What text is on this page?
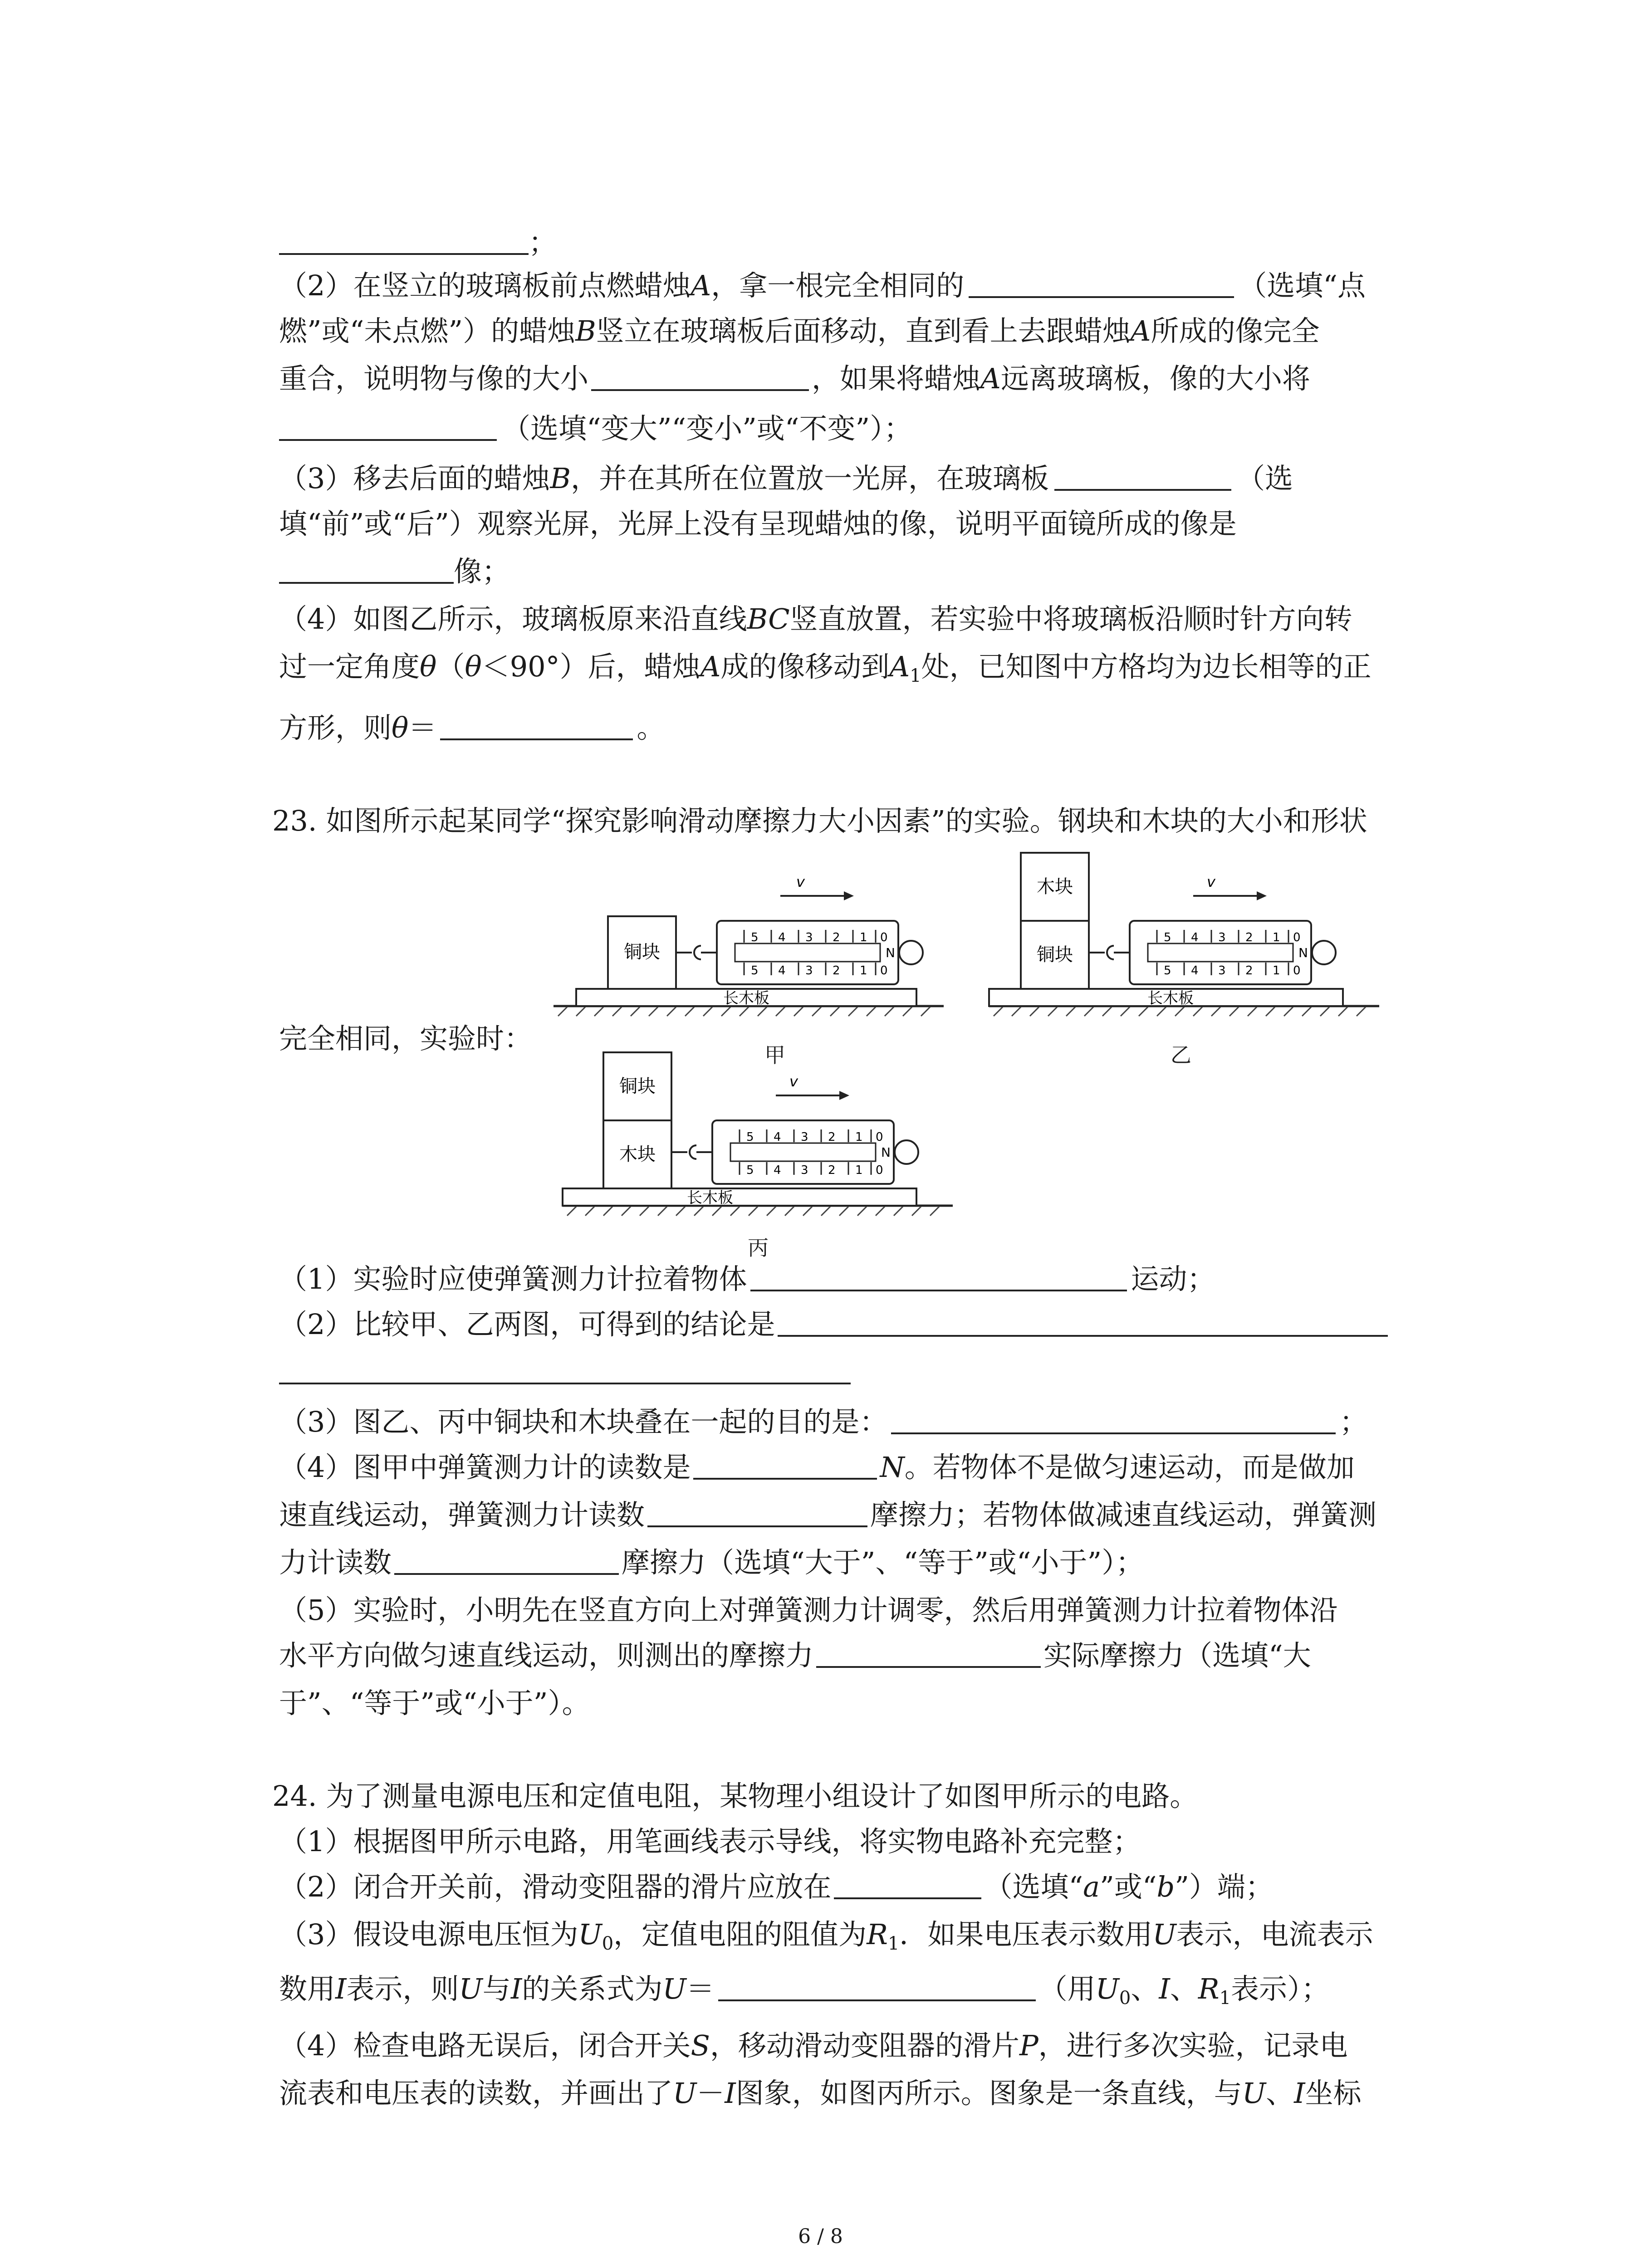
；
（2）在竖立的玻璃板前点燃蜡烛A，拿一根完全相同的	（选填“点
燃”或“未点燃”）的蜡烛B竖立在玻璃板后面移动，直到看上去跟蜡烛A所成的像完全
重合，说明物与像的大小	，如果将蜡烛A远离玻璃板，像的大小将
（选填“变大”“变小”或“不变”）；
（3）移去后面的蜡烛B，并在其所在位置放一光屏，在玻璃板	（选
填“前”或“后”）观察光屏，光屏上没有呈现蜡烛的像，说明平面镜所成的像是
像；
（4）如图乙所示，玻璃板原来沿直线BC竖直放置，若实验中将玻璃板沿顺时针方向转
过一定角度θ（θ＜90°）后，蜡烛A成的像移动到$A_1$处，已知图中方格均为边长相等的正
方形，则θ＝	。
23. 如图所示起某同学“探究影响滑动摩擦力大小因素”的实验。钢块和木块的大小和形状
完全相同，实验时：
长木板
铜块
5 4 3 2 1 0
5 4 3 2 1 0
N
v
甲
长木板
木块
铜块
5 4 3 2 1 0
5 4 3 2 1 0
N
v
乙
长木板
铜块
木块
5 4 3 2 1 0
5 4 3 2 1 0
N
v
丙
（1）实验时应使弹簧测力计拉着物体	运动；
（2）比较甲、乙两图，可得到的结论是
（3）图乙、丙中铜块和木块叠在一起的目的是：	；
（4）图甲中弹簧测力计的读数是	N。若物体不是做匀速运动，而是做加
速直线运动，弹簧测力计读数	摩擦力；若物体做减速直线运动，弹簧测
力计读数	摩擦力（选填“大于”、“等于”或“小于”）；
（5）实验时，小明先在竖直方向上对弹簧测力计调零，然后用弹簧测力计拉着物体沿
水平方向做匀速直线运动，则测出的摩擦力	实际摩擦力（选填“大
于”、“等于”或“小于”）。
24. 为了测量电源电压和定值电阻，某物理小组设计了如图甲所示的电路。
（1）根据图甲所示电路，用笔画线表示导线，将实物电路补充完整；
（2）闭合开关前，滑动变阻器的滑片应放在	（选填“a”或“b”）端；
（3）假设电源电压恒为$U_0$，定值电阻的阻值为$R_1$．如果电压表示数用U表示，电流表示
数用I表示，则U与I的关系式为U＝	（用$U_0$、I、$R_1$表示）；
（4）检查电路无误后，闭合开关S，移动滑动变阻器的滑片P，进行多次实验，记录电
流表和电压表的读数，并画出了U－I图象，如图丙所示。图象是一条直线，与U、I坐标
6 / 8
